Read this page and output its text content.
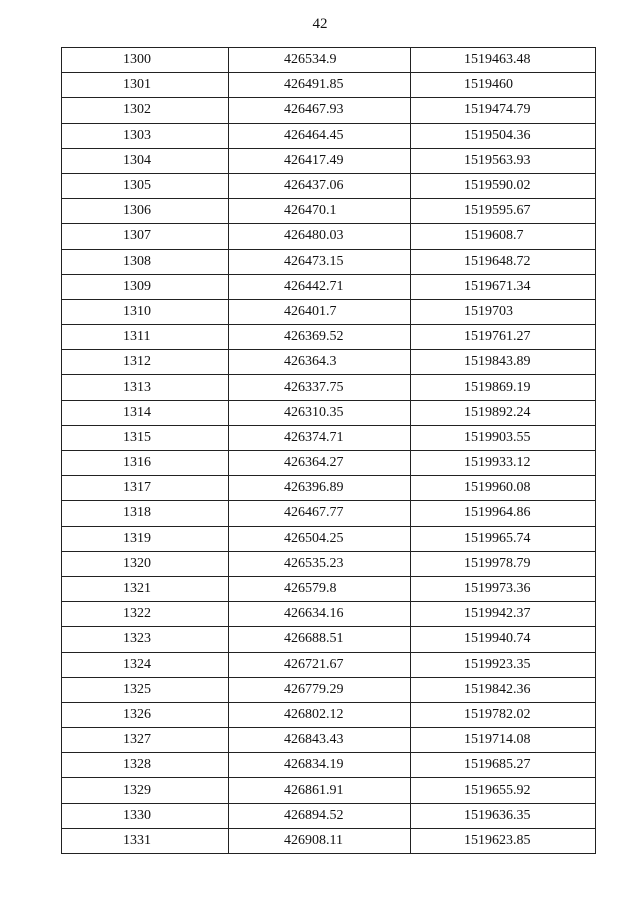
42
1300	426534.9	1519463.48
1301	426491.85	1519460
1302	426467.93	1519474.79
1303	426464.45	1519504.36
1304	426417.49	1519563.93
1305	426437.06	1519590.02
1306	426470.1	1519595.67
1307	426480.03	1519608.7
1308	426473.15	1519648.72
1309	426442.71	1519671.34
1310	426401.7	1519703
1311	426369.52	1519761.27
1312	426364.3	1519843.89
1313	426337.75	1519869.19
1314	426310.35	1519892.24
1315	426374.71	1519903.55
1316	426364.27	1519933.12
1317	426396.89	1519960.08
1318	426467.77	1519964.86
1319	426504.25	1519965.74
1320	426535.23	1519978.79
1321	426579.8	1519973.36
1322	426634.16	1519942.37
1323	426688.51	1519940.74
1324	426721.67	1519923.35
1325	426779.29	1519842.36
1326	426802.12	1519782.02
1327	426843.43	1519714.08
1328	426834.19	1519685.27
1329	426861.91	1519655.92
1330	426894.52	1519636.35
1331	426908.11	1519623.85
